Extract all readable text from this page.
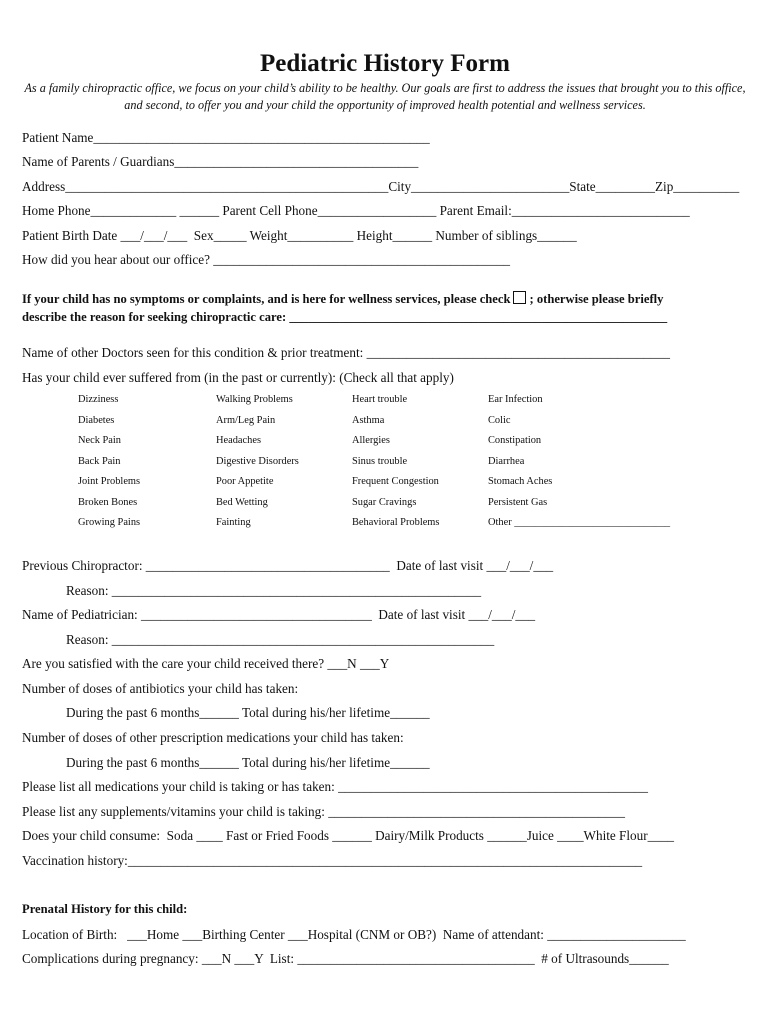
Pediatric History Form
As a family chiropractic office, we focus on your child’s ability to be healthy. Our goals are first to address the issues that brought you to this office, and second, to offer you and your child the opportunity of improved health potential and wellness services.
Patient Name___________________________________________________
Name of Parents / Guardians_____________________________________
Address_________________________________________________City________________________State_________Zip__________
Home Phone_____________ ______ Parent Cell Phone__________________ Parent Email:___________________________
Patient Birth Date ___/___/___  Sex_____ Weight__________ Height______ Number of siblings______
How did you hear about our office? _____________________________________________
If your child has no symptoms or complaints, and is here for wellness services, please check ; otherwise please briefly
describe the reason for seeking chiropractic care: ____________________________________________________________
Name of other Doctors seen for this condition & prior treatment: ______________________________________________
Has your child ever suffered from (in the past or currently): (Check all that apply)
Dizziness
Diabetes
Neck Pain
Back Pain
Joint Problems
Broken Bones
Growing Pains
Walking Problems
Arm/Leg Pain
Headaches
Digestive Disorders
Poor Appetite
Bed Wetting
Fainting
Heart trouble
Asthma
Allergies
Sinus trouble
Frequent Congestion
Sugar Cravings
Behavioral Problems
Ear Infection
Colic
Constipation
Diarrhea
Stomach Aches
Persistent Gas
Other ______________________________
Previous Chiropractor: _____________________________________  Date of last visit ___/___/___
Reason: ________________________________________________________
Name of Pediatrician: ___________________________________  Date of last visit ___/___/___
Reason: __________________________________________________________
Are you satisfied with the care your child received there? ___N ___Y
Number of doses of antibiotics your child has taken:
During the past 6 months______ Total during his/her lifetime______
Number of doses of other prescription medications your child has taken:
During the past 6 months______ Total during his/her lifetime______
Please list all medications your child is taking or has taken: _______________________________________________
Please list any supplements/vitamins your child is taking: _____________________________________________
Does your child consume:  Soda ____ Fast or Fried Foods ______ Dairy/Milk Products ______Juice ____White Flour____
Vaccination history:______________________________________________________________________________
Prenatal History for this child:
Location of Birth:   ___Home ___Birthing Center ___Hospital (CNM or OB?)  Name of attendant: _____________________
Complications during pregnancy: ___N ___Y  List: ____________________________________  # of Ultrasounds______
